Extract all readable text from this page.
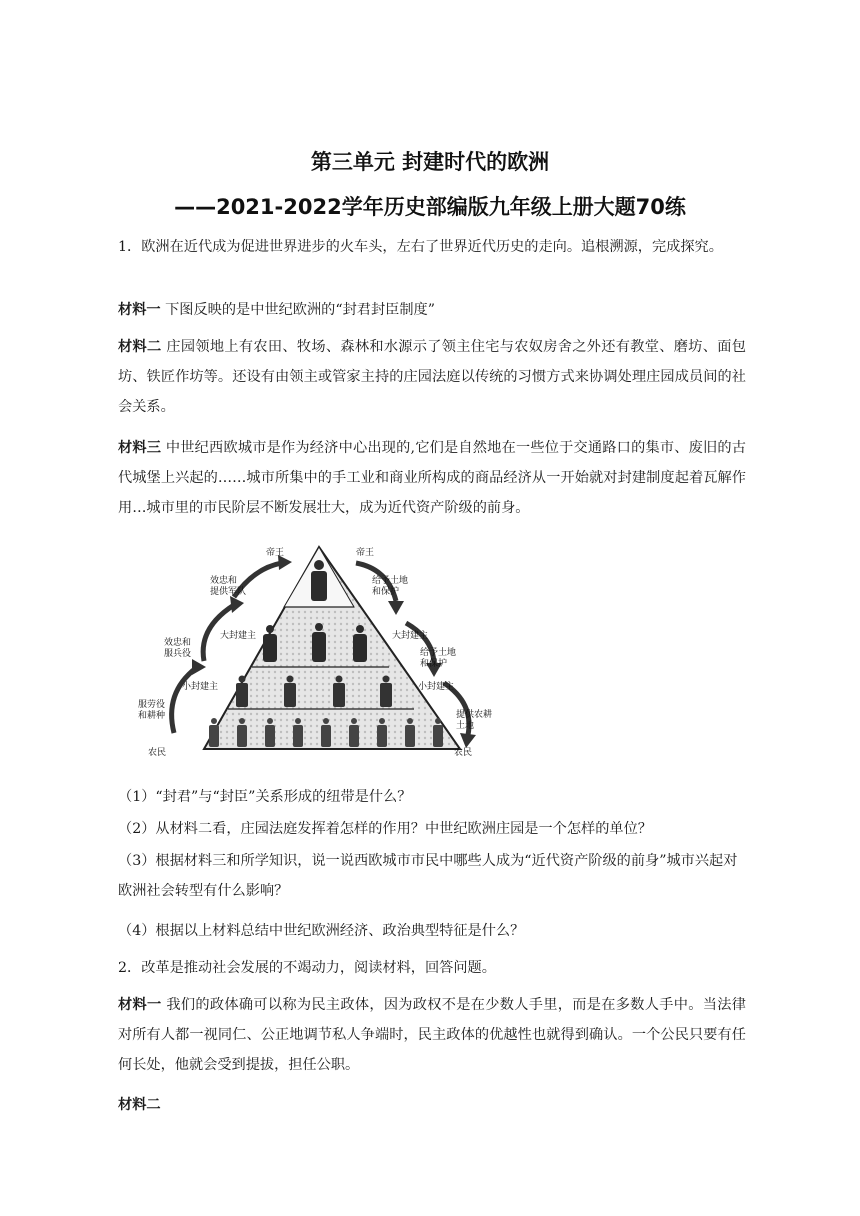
第三单元 封建时代的欧洲
——2021-2022学年历史部编版九年级上册大题70练

1．欧洲在近代成为促进世界进步的火车头，左右了世界近代历史的走向。追根溯源，完成探究。

材料一 下图反映的是中世纪欧洲的“封君封臣制度”

材料二 庄园领地上有农田、牧场、森林和水源示了领主住宅与农奴房舍之外还有教堂、磨坊、面包坊、铁匠作坊等。还设有由领主或管家主持的庄园法庭以传统的习惯方式来协调处理庄园成员间的社会关系。

材料三 中世纪西欧城市是作为经济中心出现的,它们是自然地在一些位于交通路口的集市、废旧的古代城堡上兴起的……城市所集中的手工业和商业所构成的商品经济从一开始就对封建制度起着瓦解作用…城市里的市民阶层不断发展壮大，成为近代资产阶级的前身。

帝王
大封建主
小封建主
农民
帝王
大封建主
小封建主
农民
效忠和提供军队
效忠和服兵役
服劳役和耕种
给予土地和保护
给予土地和保护
提供农耕土地

（1）“封君”与“封臣”关系形成的纽带是什么？

（2）从材料二看，庄园法庭发挥着怎样的作用？中世纪欧洲庄园是一个怎样的单位？

（3）根据材料三和所学知识，说一说西欧城市市民中哪些人成为“近代资产阶级的前身”城市兴起对欧洲社会转型有什么影响？

（4）根据以上材料总结中世纪欧洲经济、政治典型特征是什么？

2．改革是推动社会发展的不竭动力，阅读材料，回答问题。

材料一 我们的政体确可以称为民主政体，因为政权不是在少数人手里，而是在多数人手中。当法律对所有人都一视同仁、公正地调节私人争端时，民主政体的优越性也就得到确认。一个公民只要有任何长处，他就会受到提拔，担任公职。

材料二
